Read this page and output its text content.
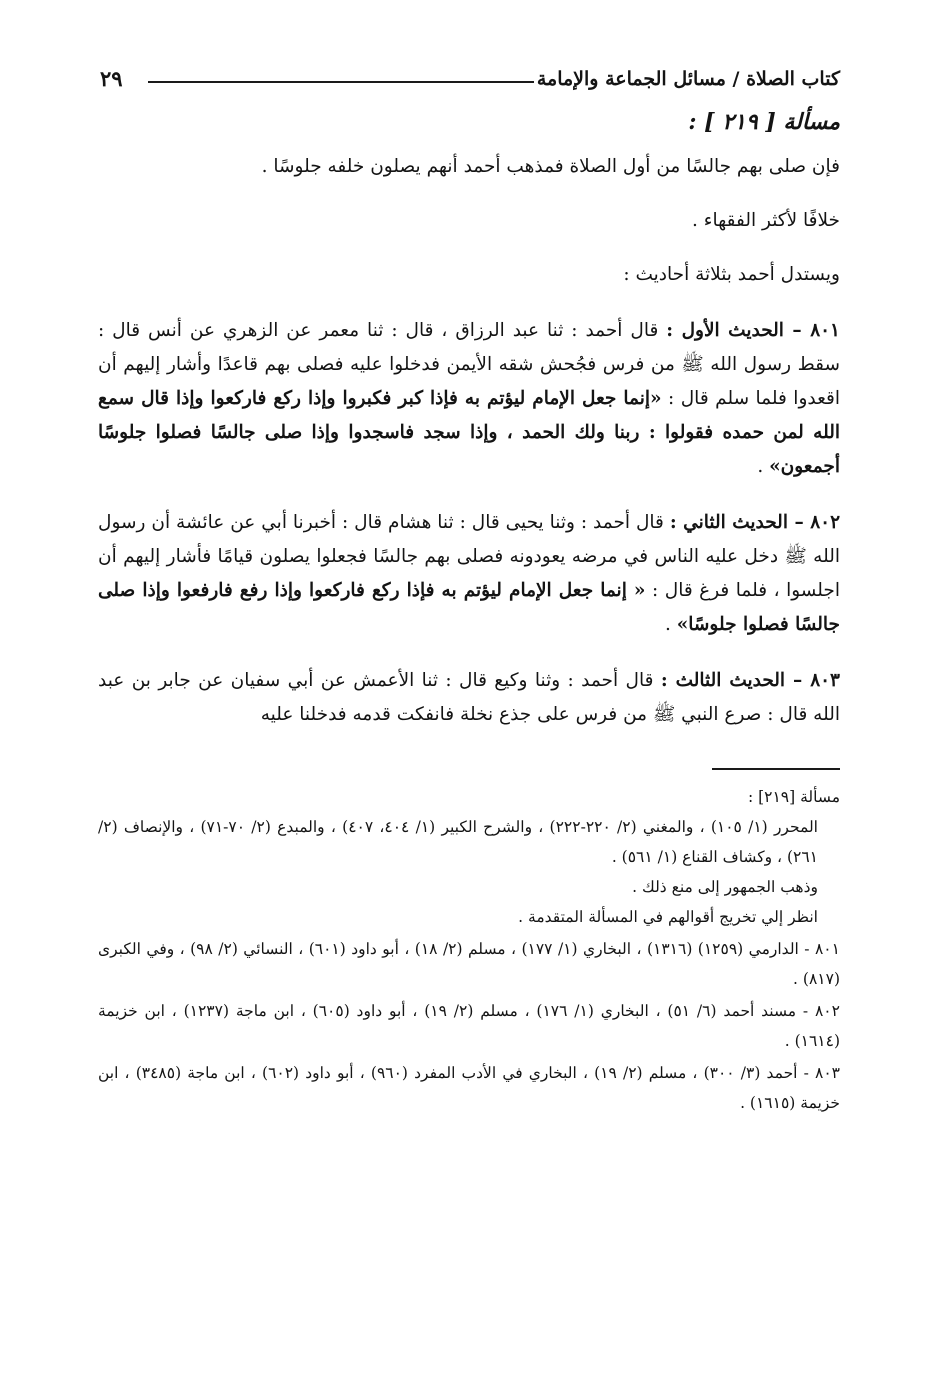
كتاب الصلاة / مسائل الجماعة والإمامة
٢٩
مسألة [ ٢١٩ ] :

فإن صلى بهم جالسًا من أول الصلاة فمذهب أحمد أنهم يصلون خلفه جلوسًا .

خلافًا لأكثر الفقهاء .

ويستدل أحمد بثلاثة أحاديث :

٨٠١ – الحديث الأول : قال أحمد : ثنا عبد الرزاق ، قال : ثنا معمر عن الزهري عن أنس قال : سقط رسول الله ﷺ من فرس فجُحش شقه الأيمن فدخلوا عليه فصلى بهم قاعدًا وأشار إليهم أن اقعدوا فلما سلم قال : «إنما جعل الإمام ليؤتم به فإذا كبر فكبروا وإذا ركع فاركعوا وإذا قال سمع الله لمن حمده فقولوا : ربنا ولك الحمد ، وإذا سجد فاسجدوا وإذا صلى جالسًا فصلوا جلوسًا أجمعون» .

٨٠٢ – الحديث الثاني : قال أحمد : وثنا يحيى قال : ثنا هشام قال : أخبرنا أبي عن عائشة أن رسول الله ﷺ دخل عليه الناس في مرضه يعودونه فصلى بهم جالسًا فجعلوا يصلون قيامًا فأشار إليهم أن اجلسوا ، فلما فرغ قال : « إنما جعل الإمام ليؤتم به فإذا ركع فاركعوا وإذا رفع فارفعوا وإذا صلى جالسًا فصلوا جلوسًا» .

٨٠٣ – الحديث الثالث : قال أحمد : وثنا وكيع قال : ثنا الأعمش عن أبي سفيان عن جابر بن عبد الله قال : صرع النبي ﷺ من فرس على جذع نخلة فانفكت قدمه فدخلنا عليه

مسألة [٢١٩] :

المحرر (١/ ١٠٥) ، والمغني (٢/ ٢٢٠-٢٢٢) ، والشرح الكبير (١/ ٤٠٤، ٤٠٧) ، والمبدع (٢/ ٧٠-٧١) ، والإنصاف (٢/ ٢٦١) ، وكشاف القناع (١/ ٥٦١) .

وذهب الجمهور إلى منع ذلك .

انظر إلي تخريج أقوالهم في المسألة المتقدمة .

٨٠١ - الدارمي (١٢٥٩) (١٣١٦) ، البخاري (١/ ١٧٧) ، مسلم (٢/ ١٨) ، أبو داود (٦٠١) ، النسائي (٢/ ٩٨) ، وفي الكبرى (٨١٧) .

٨٠٢ - مسند أحمد (٦/ ٥١) ، البخاري (١/ ١٧٦) ، مسلم (٢/ ١٩) ، أبو داود (٦٠٥) ، ابن ماجة (١٢٣٧) ، ابن خزيمة (١٦١٤) .

٨٠٣ - أحمد (٣/ ٣٠٠) ، مسلم (٢/ ١٩) ، البخاري في الأدب المفرد (٩٦٠) ، أبو داود (٦٠٢) ، ابن ماجة (٣٤٨٥) ، ابن خزيمة (١٦١٥) .
